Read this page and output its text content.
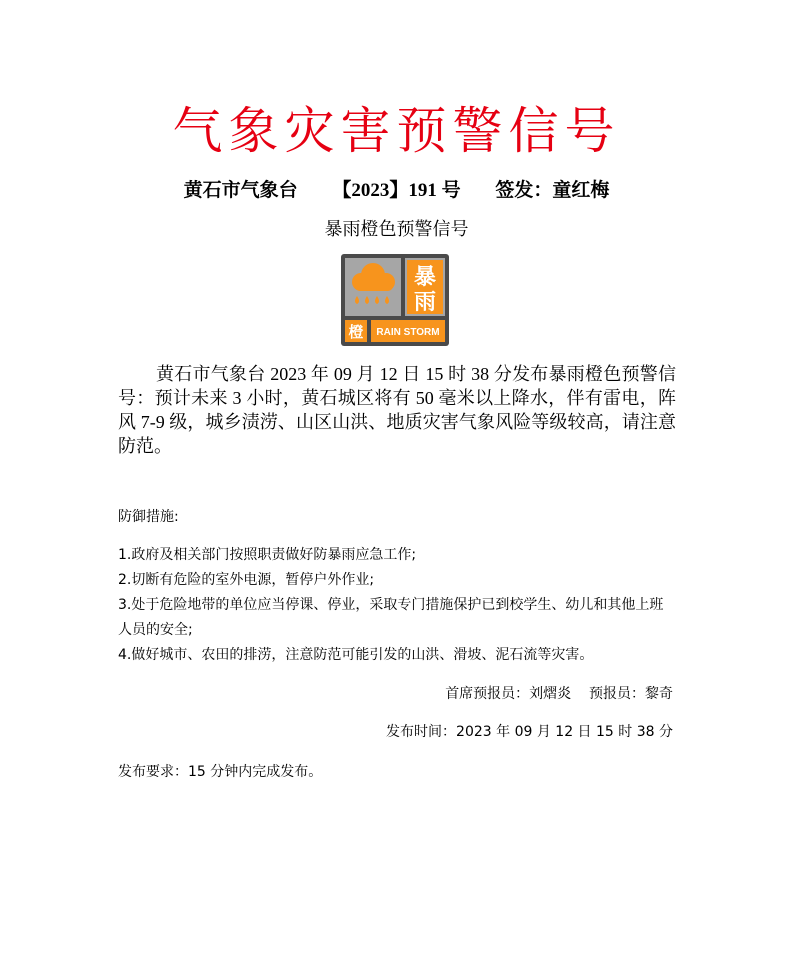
气象灾害预警信号
黄石市气象台 【2023】191 号 签发：童红梅
暴雨橙色预警信号
暴
雨
橙 RAIN STORM
黄石市气象台 2023 年 09 月 12 日 15 时 38 分发布暴雨橙色预警信号：预计未来 3 小时，黄石城区将有 50 毫米以上降水，伴有雷电，阵风 7-9 级，城乡渍涝、山区山洪、地质灾害气象风险等级较高，请注意防范。
防御措施:
1.政府及相关部门按照职责做好防暴雨应急工作;
2.切断有危险的室外电源，暂停户外作业;
3.处于危险地带的单位应当停课、停业，采取专门措施保护已到校学生、幼儿和其他上班人员的安全;
4.做好城市、农田的排涝，注意防范可能引发的山洪、滑坡、泥石流等灾害。
首席预报员：刘熠炎    预报员：黎奇
发布时间：2023 年 09 月 12 日 15 时 38 分
发布要求：15 分钟内完成发布。
